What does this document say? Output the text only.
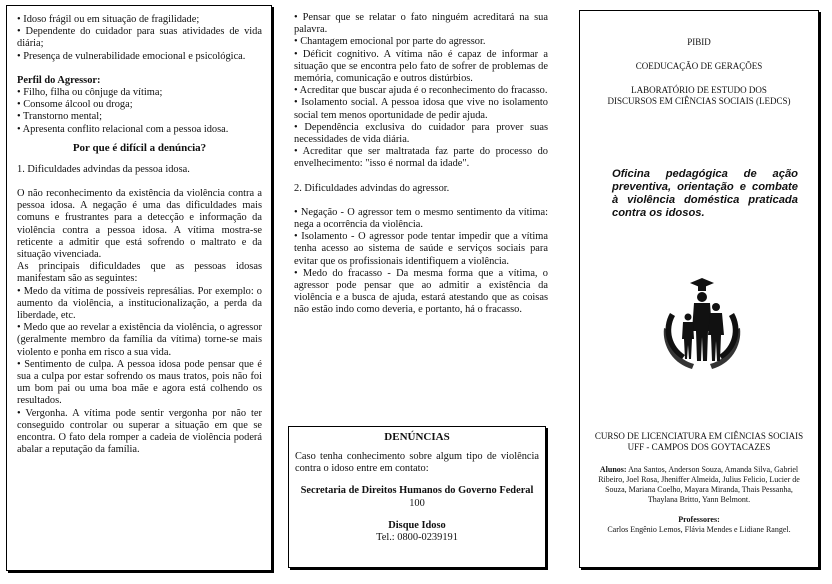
• Idoso frágil ou em situação de fragilidade;

• Dependente do cuidador para suas atividades de vida diária;

• Presença de vulnerabilidade emocional e psicológica.

Perfil do Agressor:

• Filho, filha ou cônjuge da vítima;

• Consome álcool ou droga;

• Transtorno mental;

• Apresenta conflito relacional com a pessoa idosa.

Por que é difícil a denúncia?

1. Dificuldades advindas da pessoa idosa.

O não reconhecimento da existência da violência contra a pessoa idosa. A negação é uma das dificuldades mais comuns e frustrantes para a detecção e informação da violência contra a pessoa idosa. A vítima mostra-se reticente a admitir que está sofrendo o maltrato e da situação vivenciada.

As principais dificuldades que as pessoas idosas manifestam são as seguintes:

• Medo da vítima de possíveis represálias. Por exemplo: o aumento da violência, a institucionalização, a perda da liberdade, etc.

• Medo que ao revelar a existência da violência, o agressor (geralmente membro da família da vítima) torne-se mais violento e ponha em risco a sua vida.

• Sentimento de culpa. A pessoa idosa pode pensar que é sua a culpa por estar sofrendo os maus tratos, pois não foi um bom pai ou uma boa mãe e agora está colhendo os resultados.

• Vergonha. A vítima pode sentir vergonha por não ter conseguido controlar ou superar a situação em que se encontra. O fato dela romper a cadeia de violência poderá abalar a reputação da família.

• Pensar que se relatar o fato ninguém acreditará na sua palavra.

• Chantagem emocional por parte do agressor.

• Déficit cognitivo. A vítima não é capaz de informar a situação que se encontra pelo fato de sofrer de problemas de memória, comunicação e outros distúrbios.

• Acreditar que buscar ajuda é o reconhecimento do fracasso.

• Isolamento social. A pessoa idosa que vive no isolamento social tem menos oportunidade de pedir ajuda.

• Dependência exclusiva do cuidador para prover suas necessidades de vida diária.

• Acreditar que ser maltratada faz parte do processo do envelhecimento: "isso é normal da idade".

2. Dificuldades advindas do agressor.

• Negação - O agressor tem o mesmo sentimento da vítima: nega a ocorrência da violência.

• Isolamento - O agressor pode tentar impedir que a vítima tenha acesso ao sistema de saúde e serviços sociais para evitar que os profissionais identifiquem a violência.

• Medo do fracasso - Da mesma forma que a vítima, o agressor pode pensar que ao admitir a existência da violência e a busca de ajuda, estará atestando que as coisas não estão indo como deveria, e portanto, há o fracasso.

DENÚNCIAS

Caso tenha conhecimento sobre algum tipo de violência contra o idoso entre em contato:

Secretaria de Direitos Humanos do Governo Federal

100

Disque Idoso

Tel.: 0800-0239191

PIBID

COEDUCAÇÃO DE GERAÇÕES

LABORATÓRIO DE ESTUDO DOS

DISCURSOS EM CIÊNCIAS SOCIAIS (LEDCS)

Oficina pedagógica de ação preventiva, orientação e combate à violência doméstica praticada contra os idosos.

CURSO DE LICENCIATURA EM CIÊNCIAS SOCIAIS

UFF - CAMPOS DOS GOYTACAZES

Alunos: Ana Santos, Anderson Souza, Amanda Silva, Gabriel Ribeiro, Joel Rosa, Jheniffer Almeida, Julius Felicio, Lucier de Souza, Mariana Coelho, Mayara Miranda, Thais Pessanha, Thaylana Britto, Yann Belmont.

Professores:

Carlos Engênio Lemos, Flávia Mendes e Lidiane Rangel.
